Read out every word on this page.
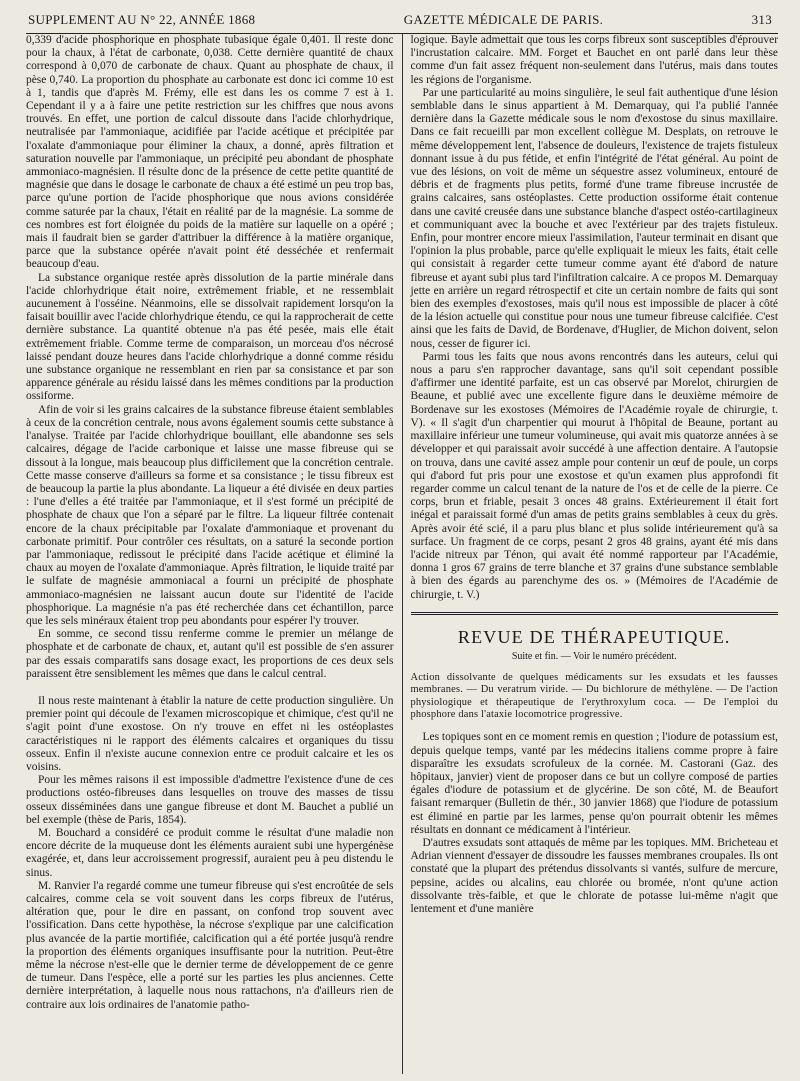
SUPPLEMENT AU N° 22, ANNÉE 1868	GAZETTE MÉDICALE DE PARIS.	313

0,339 d'acide phosphorique en phosphate tubasique égale 0,401. Il reste donc pour la chaux, à l'état de carbonate, 0,038. Cette dernière quantité de chaux correspond à 0,070 de carbonate de chaux. Quant au phosphate de chaux, il pèse 0,740. La proportion du phosphate au carbonate est donc ici comme 10 est à 1, tandis que d'après M. Frémy, elle est dans les os comme 7 est à 1. Cependant il y a à faire une petite restriction sur les chiffres que nous avons trouvés. En effet, une portion de calcul dissoute dans l'acide chlorhydrique, neutralisée par l'ammoniaque, acidifiée par l'acide acétique et précipitée par l'oxalate d'ammoniaque pour éliminer la chaux, a donné, après filtration et saturation nouvelle par l'ammoniaque, un précipité peu abondant de phosphate ammoniaco-magnésien. Il résulte donc de la présence de cette petite quantité de magnésie que dans le dosage le carbonate de chaux a été estimé un peu trop bas, parce qu'une portion de l'acide phosphorique que nous avions considérée comme saturée par la chaux, l'était en réalité par de la magnésie. La somme de ces nombres est fort éloignée du poids de la matière sur laquelle on a opéré ; mais il faudrait bien se garder d'attribuer la différence à la matière organique, parce que la substance opérée n'avait point été desséchée et renfermait beaucoup d'eau.

La substance organique restée après dissolution de la partie minérale dans l'acide chlorhydrique était noire, extrêmement friable, et ne ressemblait aucunement à l'osséine. Néanmoins, elle se dissolvait rapidement lorsqu'on la faisait bouillir avec l'acide chlorhydrique étendu, ce qui la rapprocherait de cette dernière substance. La quantité obtenue n'a pas été pesée, mais elle était extrêmement friable. Comme terme de comparaison, un morceau d'os nécrosé laissé pendant douze heures dans l'acide chlorhydrique a donné comme résidu une substance organique ne ressemblant en rien par sa consistance et par son apparence générale au résidu laissé dans les mêmes conditions par la production ossiforme.

Afin de voir si les grains calcaires de la substance fibreuse étaient semblables à ceux de la concrétion centrale, nous avons également soumis cette substance à l'analyse. Traitée par l'acide chlorhydrique bouillant, elle abandonne ses sels calcaires, dégage de l'acide carbonique et laisse une masse fibreuse qui se dissout à la longue, mais beaucoup plus difficilement que la concrétion centrale. Cette masse conserve d'ailleurs sa forme et sa consistance ; le tissu fibreux est de beaucoup la partie la plus abondante. La liqueur a été divisée en deux parties : l'une d'elles a été traitée par l'ammoniaque, et il s'est formé un précipité de phosphate de chaux que l'on a séparé par le filtre. La liqueur filtrée contenait encore de la chaux précipitable par l'oxalate d'ammoniaque et provenant du carbonate primitif. Pour contrôler ces résultats, on a saturé la seconde portion par l'ammoniaque, redissout le précipité dans l'acide acétique et éliminé la chaux au moyen de l'oxalate d'ammoniaque. Après filtration, le liquide traité par le sulfate de magnésie ammoniacal a fourni un précipité de phosphate ammoniaco-magnésien ne laissant aucun doute sur l'identité de l'acide phosphorique. La magnésie n'a pas été recherchée dans cet échantillon, parce que les sels minéraux étaient trop peu abondants pour espérer l'y trouver.

En somme, ce second tissu renferme comme le premier un mélange de phosphate et de carbonate de chaux, et, autant qu'il est possible de s'en assurer par des essais comparatifs sans dosage exact, les proportions de ces deux sels paraissent être sensiblement les mêmes que dans le calcul central.

Il nous reste maintenant à établir la nature de cette production singulière. Un premier point qui découle de l'examen microscopique et chimique, c'est qu'il ne s'agit point d'une exostose. On n'y trouve en effet ni les ostéoplastes caractéristiques ni le rapport des éléments calcaires et organiques du tissu osseux. Enfin il n'existe aucune connexion entre ce produit calcaire et les os voisins.

Pour les mêmes raisons il est impossible d'admettre l'existence d'une de ces productions ostéo-fibreuses dans lesquelles on trouve des masses de tissu osseux disséminées dans une gangue fibreuse et dont M. Bauchet a publié un bel exemple (thèse de Paris, 1854).

M. Bouchard a considéré ce produit comme le résultat d'une maladie non encore décrite de la muqueuse dont les éléments auraient subi une hypergénèse exagérée, et, dans leur accroissement progressif, auraient peu à peu distendu le sinus.

M. Ranvier l'a regardé comme une tumeur fibreuse qui s'est encroûtée de sels calcaires, comme cela se voit souvent dans les corps fibreux de l'utérus, altération que, pour le dire en passant, on confond trop souvent avec l'ossification. Dans cette hypothèse, la nécrose s'explique par une calcification plus avancée de la partie mortifiée, calcification qui a été portée jusqu'à rendre la proportion des éléments organiques insuffisante pour la nutrition. Peut-être même la nécrose n'est-elle que le dernier terme de développement de ce genre de tumeur. Dans l'espèce, elle a porté sur les parties les plus anciennes. Cette dernière interprétation, à laquelle nous nous rattachons, n'a d'ailleurs rien de contraire aux lois ordinaires de l'anatomie patho-

logique. Bayle admettait que tous les corps fibreux sont susceptibles d'éprouver l'incrustation calcaire. MM. Forget et Bauchet en ont parlé dans leur thèse comme d'un fait assez fréquent non-seulement dans l'utérus, mais dans toutes les régions de l'organisme.

Par une particularité au moins singulière, le seul fait authentique d'une lésion semblable dans le sinus appartient à M. Demarquay, qui l'a publié l'année dernière dans la Gazette médicale sous le nom d'exostose du sinus maxillaire. Dans ce fait recueilli par mon excellent collègue M. Desplats, on retrouve le même développement lent, l'absence de douleurs, l'existence de trajets fistuleux donnant issue à du pus fétide, et enfin l'intégrité de l'état général. Au point de vue des lésions, on voit de même un séquestre assez volumineux, entouré de débris et de fragments plus petits, formé d'une trame fibreuse incrustée de grains calcaires, sans ostéoplastes. Cette production ossiforme était contenue dans une cavité creusée dans une substance blanche d'aspect ostéo-cartilagineux et communiquant avec la bouche et avec l'extérieur par des trajets fistuleux. Enfin, pour montrer encore mieux l'assimilation, l'auteur terminait en disant que l'opinion la plus probable, parce qu'elle expliquait le mieux les faits, était celle qui consistait à regarder cette tumeur comme ayant été d'abord de nature fibreuse et ayant subi plus tard l'infiltration calcaire. A ce propos M. Demarquay jette en arrière un regard rétrospectif et cite un certain nombre de faits qui sont bien des exemples d'exostoses, mais qu'il nous est impossible de placer à côté de la lésion actuelle qui constitue pour nous une tumeur fibreuse calcifiée. C'est ainsi que les faits de David, de Bordenave, d'Huglier, de Michon doivent, selon nous, cesser de figurer ici.

Parmi tous les faits que nous avons rencontrés dans les auteurs, celui qui nous a paru s'en rapprocher davantage, sans qu'il soit cependant possible d'affirmer une identité parfaite, est un cas observé par Morelot, chirurgien de Beaune, et publié avec une excellente figure dans le deuxième mémoire de Bordenave sur les exostoses (Mémoires de l'Académie royale de chirurgie, t. V). « Il s'agit d'un charpentier qui mourut à l'hôpital de Beaune, portant au maxillaire inférieur une tumeur volumineuse, qui avait mis quatorze années à se développer et qui paraissait avoir succédé à une affection dentaire. A l'autopsie on trouva, dans une cavité assez ample pour contenir un œuf de poule, un corps qui d'abord fut pris pour une exostose et qu'un examen plus approfondi fit regarder comme un calcul tenant de la nature de l'os et de celle de la pierre. Ce corps, brun et friable, pesait 3 onces 48 grains. Extérieurement il était fort inégal et paraissait formé d'un amas de petits grains semblables à ceux du grès. Après avoir été scié, il a paru plus blanc et plus solide intérieurement qu'à sa surface. Un fragment de ce corps, pesant 2 gros 48 grains, ayant été mis dans l'acide nitreux par Ténon, qui avait été nommé rapporteur par l'Académie, donna 1 gros 67 grains de terre blanche et 37 grains d'une substance semblable à bien des égards au parenchyme des os. » (Mémoires de l'Académie de chirurgie, t. V.)

REVUE DE THÉRAPEUTIQUE.
Suite et fin. — Voir le numéro précédent.
Action dissolvante de quelques médicaments sur les exsudats et les fausses membranes. — Du veratrum viride. — Du bichlorure de méthylène. — De l'action physiologique et thérapeutique de l'erythroxylum coca. — De l'emploi du phosphore dans l'ataxie locomotrice progressive.

Les topiques sont en ce moment remis en question ; l'iodure de potassium est, depuis quelque temps, vanté par les médecins italiens comme propre à faire disparaître les exsudats scrofuleux de la cornée. M. Castorani (Gaz. des hôpitaux, janvier) vient de proposer dans ce but un collyre composé de parties égales d'iodure de potassium et de glycérine. De son côté, M. de Beaufort faisant remarquer (Bulletin de thér., 30 janvier 1868) que l'iodure de potassium est éliminé en partie par les larmes, pense qu'on pourrait obtenir les mêmes résultats en donnant ce médicament à l'intérieur.

D'autres exsudats sont attaqués de même par les topiques. MM. Bricheteau et Adrian viennent d'essayer de dissoudre les fausses membranes croupales. Ils ont constaté que la plupart des prétendus dissolvants si vantés, sulfure de mercure, pepsine, acides ou alcalins, eau chlorée ou bromée, n'ont qu'une action dissolvante très-faible, et que le chlorate de potasse lui-même n'agit que lentement et d'une manière
